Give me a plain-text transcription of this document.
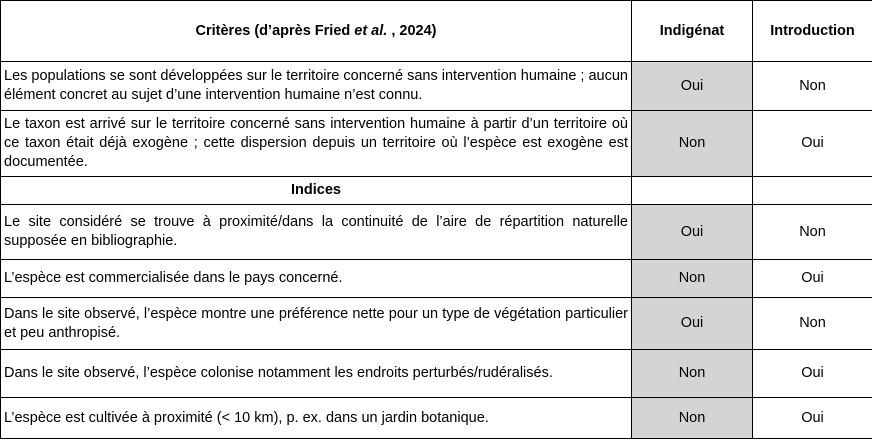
Critères (d’après Fried et al. , 2024)	Indigénat	Introduction
Les populations se sont développées sur le territoire concerné sans intervention humaine ; aucun élément concret au sujet d’une intervention humaine n’est connu.	Oui	Non
Le taxon est arrivé sur le territoire concerné sans intervention humaine à partir d’un territoire où ce taxon était déjà exogène ; cette dispersion depuis un territoire où l’espèce est exogène est documentée.	Non	Oui
Indices		
Le site considéré se trouve à proximité/dans la continuité de l’aire de répartition naturelle supposée en bibliographie.	Oui	Non
L’espèce est commercialisée dans le pays concerné.	Non	Oui
Dans le site observé, l’espèce montre une préférence nette pour un type de végétation particulier et peu anthropisé.	Oui	Non
Dans le site observé, l’espèce colonise notamment les endroits perturbés/rudéralisés.	Non	Oui
L’espèce est cultivée à proximité (< 10 km), p. ex. dans un jardin botanique.	Non	Oui
